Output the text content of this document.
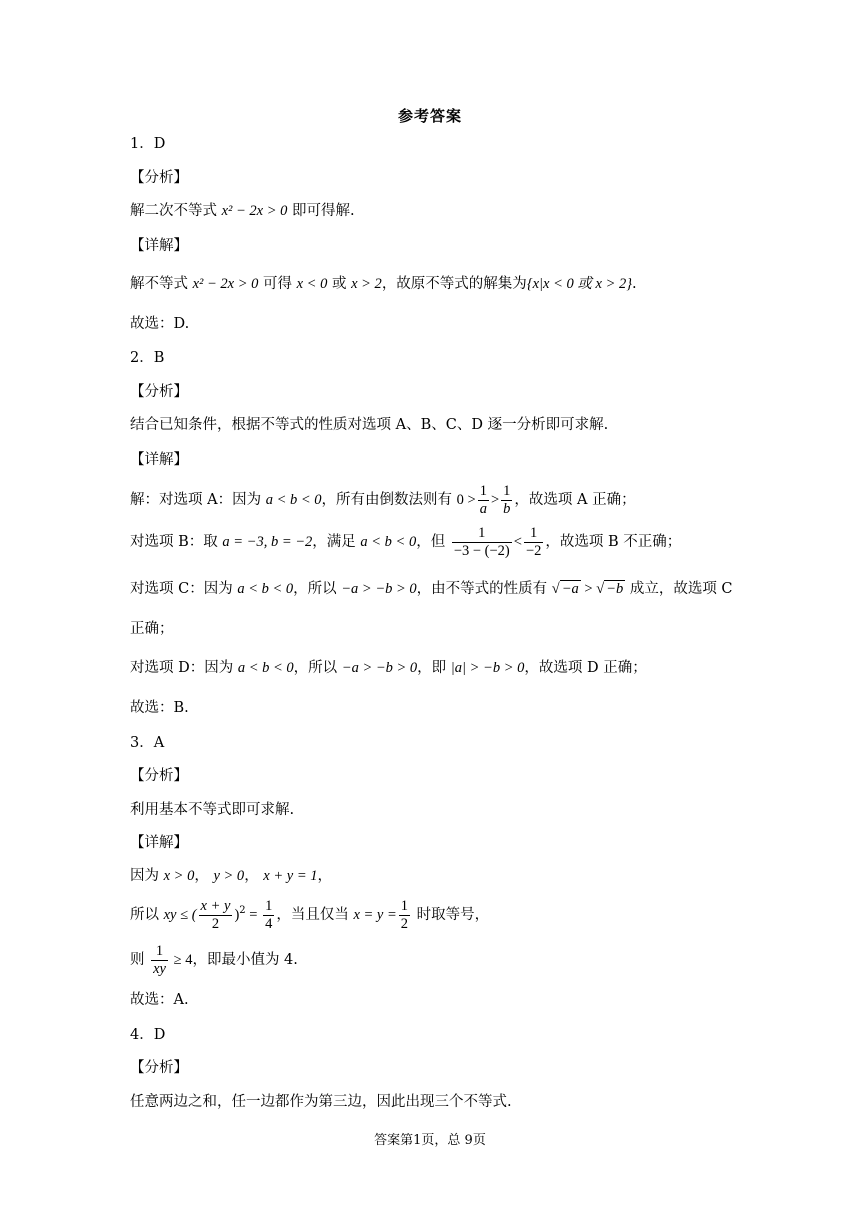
参考答案
1．D
【分析】
解二次不等式 x² − 2x > 0 即可得解.
【详解】
解不等式 x² − 2x > 0 可得 x < 0 或 x > 2，故原不等式的解集为{x|x < 0 或 x > 2}.
故选：D.
2．B
【分析】
结合已知条件，根据不等式的性质对选项 A、B、C、D 逐一分析即可求解.
【详解】
解：对选项 A：因为 a < b < 0，所有由倒数法则有 $0 > \frac{1}{a} > \frac{1}{b}$ ，故选项 A 正确；
对选项 B：取 a = −3, b = −2，满足 a < b < 0，但 $\frac{1}{-3 - (-2)} < \frac{1}{-2}$ ，故选项 B 不正确；
对选项 C：因为 a < b < 0，所以 −a > −b > 0，由不等式的性质有 √ −a > √ −b 成立，故选项 C
正确；
对选项 D：因为 a < b < 0，所以 −a > −b > 0，即 |a| > −b > 0，故选项 D 正确；
故选：B.
3．A
【分析】
利用基本不等式即可求解.
【详解】
因为 x > 0， y > 0， x + y = 1，
所以 xy ≤ ( $\frac{x + y}{2} )^2 = \frac{1}{4}$ ，当且仅当 $x = y = \frac{1}{2}$ 时取等号，
则 $\frac{1}{xy} \ge 4$，即最小值为 4.
故选：A.
4．D
【分析】
任意两边之和，任一边都作为第三边，因此出现三个不等式.
答案第1页，总 9页
